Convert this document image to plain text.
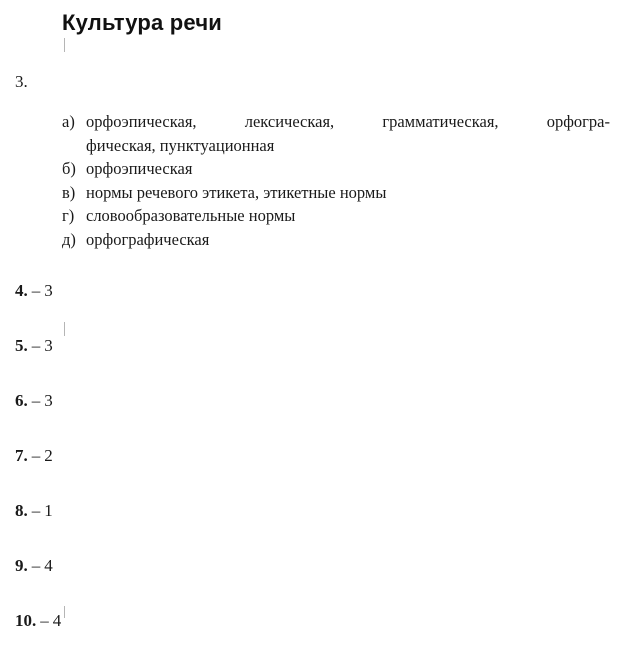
Культура речи
3.
а) орфоэпическая, лексическая, грамматическая, орфогра-
фическая, пунктуационная
б) орфоэпическая
в) нормы речевого этикета, этикетные нормы
г) словообразовательные нормы
д) орфографическая
4. – 3
5. – 3
6. – 3
7. – 2
8. – 1
9. – 4
10. – 4
